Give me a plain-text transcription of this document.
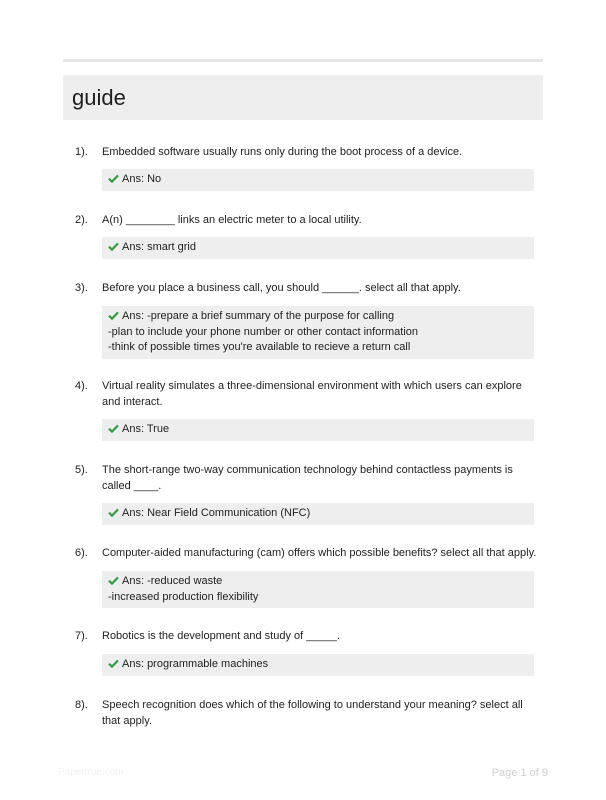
guide
1). Embedded software usually runs only during the boot process of a device.
Ans: No
2). A(n) ________ links an electric meter to a local utility.
Ans: smart grid
3). Before you place a business call, you should ______. select all that apply.
Ans: -prepare a brief summary of the purpose for calling
-plan to include your phone number or other contact information
-think of possible times you're available to recieve a return call
4). Virtual reality simulates a three-dimensional environment with which users can explore and interact.
Ans: True
5). The short-range two-way communication technology behind contactless payments is called ____.
Ans: Near Field Communication (NFC)
6). Computer-aided manufacturing (cam) offers which possible benefits? select all that apply.
Ans: -reduced waste
-increased production flexibility
7). Robotics is the development and study of _____.
Ans: programmable machines
8). Speech recognition does which of the following to understand your meaning? select all that apply.
Papertrue.com	Page 1 of 9
